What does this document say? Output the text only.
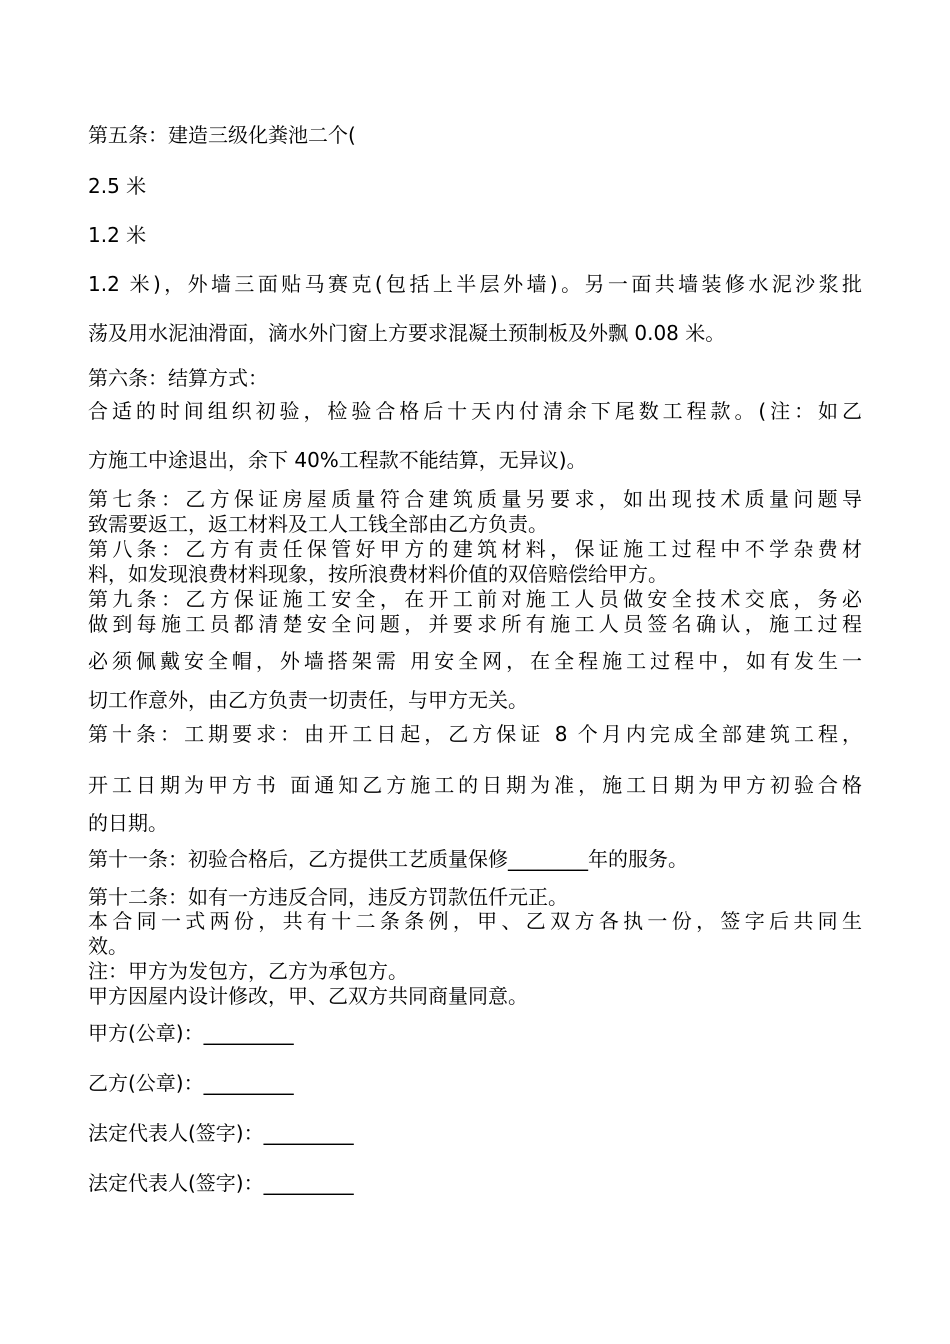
第五条：建造三级化粪池二个(
2.5 米
1.2 米
1.2 米)，外墙三面贴马赛克(包括上半层外墙)。另一面共墙装修水泥沙浆批
荡及用水泥油滑面，滴水外门窗上方要求混凝土预制板及外飘 0.08 米。
第六条：结算方式：
合适的时间组织初验，检验合格后十天内付清余下尾数工程款。(注：如乙
方施工中途退出，余下 40%工程款不能结算，无异议)。
第七条：乙方保证房屋质量符合建筑质量另要求，如出现技术质量问题导
致需要返工，返工材料及工人工钱全部由乙方负责。
第八条：乙方有责任保管好甲方的建筑材料，保证施工过程中不学杂费材
料，如发现浪费材料现象，按所浪费材料价值的双倍赔偿给甲方。
第九条：乙方保证施工安全，在开工前对施工人员做安全技术交底，务必
做到每施工员都清楚安全问题，并要求所有施工人员签名确认，施工过程
必须佩戴安全帽，外墙搭架需 用安全网，在全程施工过程中，如有发生一
切工作意外，由乙方负责一切责任，与甲方无关。
第十条：工期要求：由开工日起，乙方保证 8 个月内完成全部建筑工程，
开工日期为甲方书 面通知乙方施工的日期为准，施工日期为甲方初验合格
的日期。
第十一条：初验合格后，乙方提供工艺质量保修________年的服务。
第十二条：如有一方违反合同，违反方罚款伍仟元正。
本合同一式两份，共有十二条条例，甲、乙双方各执一份，签字后共同生
效。
注：甲方为发包方，乙方为承包方。
甲方因屋内设计修改，甲、乙双方共同商量同意。
甲方(公章)：_________
乙方(公章)：_________
法定代表人(签字)：_________
法定代表人(签字)：_________
